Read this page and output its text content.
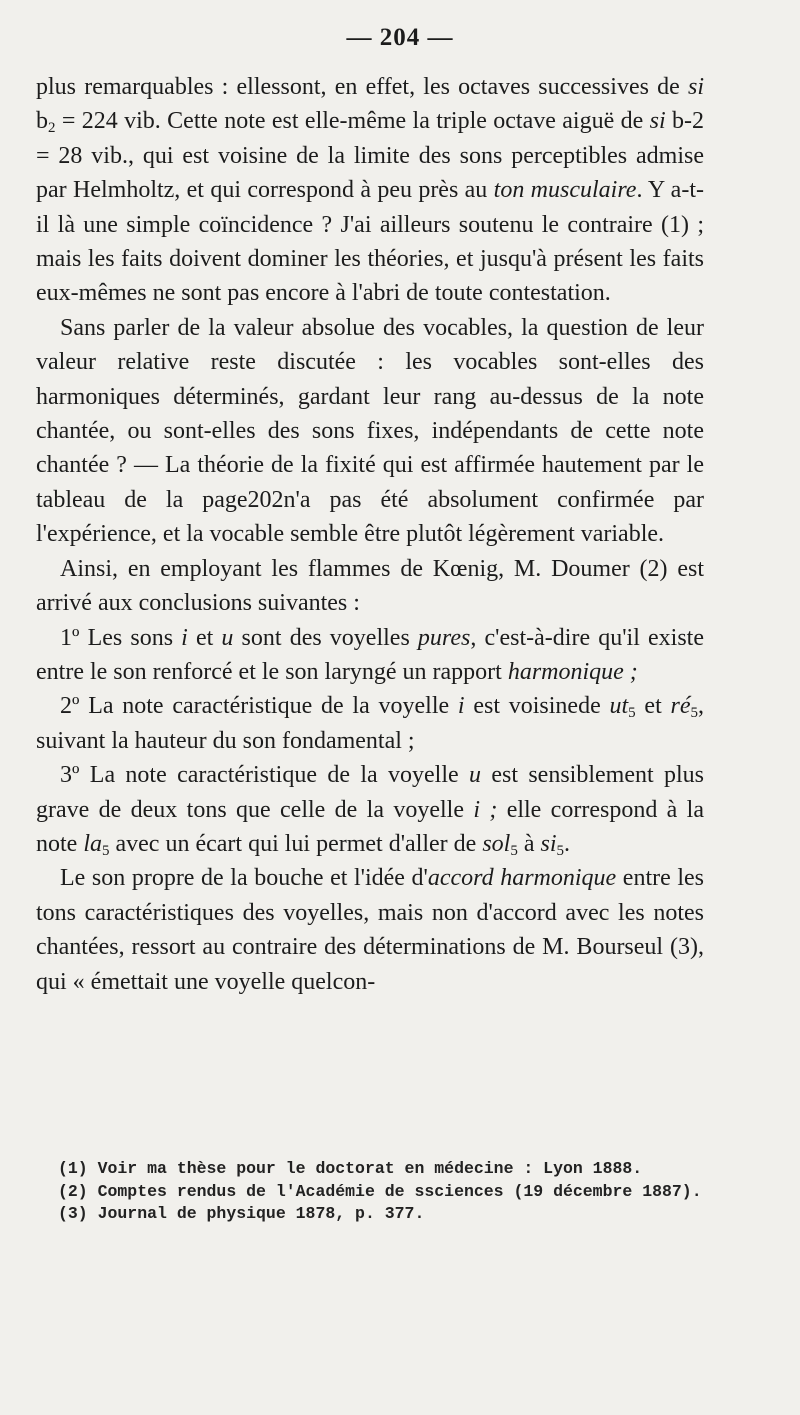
— 204 —

plus remarquables : ellessont, en effet, les octaves successives de si $b_2 = 224$ vib. Cette note est elle-même la triple octave aiguë de si b-2 = 28 vib., qui est voisine de la limite des sons perceptibles admise par Helmholtz, et qui correspond à peu près au ton musculaire. Y a-t-il là une simple coïncidence ? J'ai ailleurs soutenu le contraire (1) ; mais les faits doivent dominer les théories, et jusqu'à présent les faits eux-mêmes ne sont pas encore à l'abri de toute contestation.

Sans parler de la valeur absolue des vocables, la question de leur valeur relative reste discutée : les vocables sont-elles des harmoniques déterminés, gardant leur rang au-dessus de la note chantée, ou sont-elles des sons fixes, indépendants de cette note chantée ? — La théorie de la fixité qui est affirmée hautement par le tableau de la page202n'a pas été absolument confirmée par l'expérience, et la vocable semble être plutôt légèrement variable.

Ainsi, en employant les flammes de Kœnig, M. Doumer (2) est arrivé aux conclusions suivantes :

1º Les sons i et u sont des voyelles pures, c'est-à-dire qu'il existe entre le son renforcé et le son laryngé un rapport harmonique ;

2º La note caractéristique de la voyelle i est voisinede $ut_5$ et $ré_5$, suivant la hauteur du son fondamental ;

3º La note caractéristique de la voyelle u est sensiblement plus grave de deux tons que celle de la voyelle i ; elle correspond à la note $la_5$ avec un écart qui lui permet d'aller de sol$_5$ à $si_5$.

Le son propre de la bouche et l'idée d'accord harmonique entre les tons caractéristiques des voyelles, mais non d'accord avec les notes chantées, ressort au contraire des déterminations de M. Bourseul (3), qui « émettait une voyelle quelcon-

(1) Voir ma thèse pour le doctorat en médecine : Lyon 1888.
(2) Comptes rendus de l'Académie de ssciences (19 décembre 1887).
(3) Journal de physique 1878, p. 377.
